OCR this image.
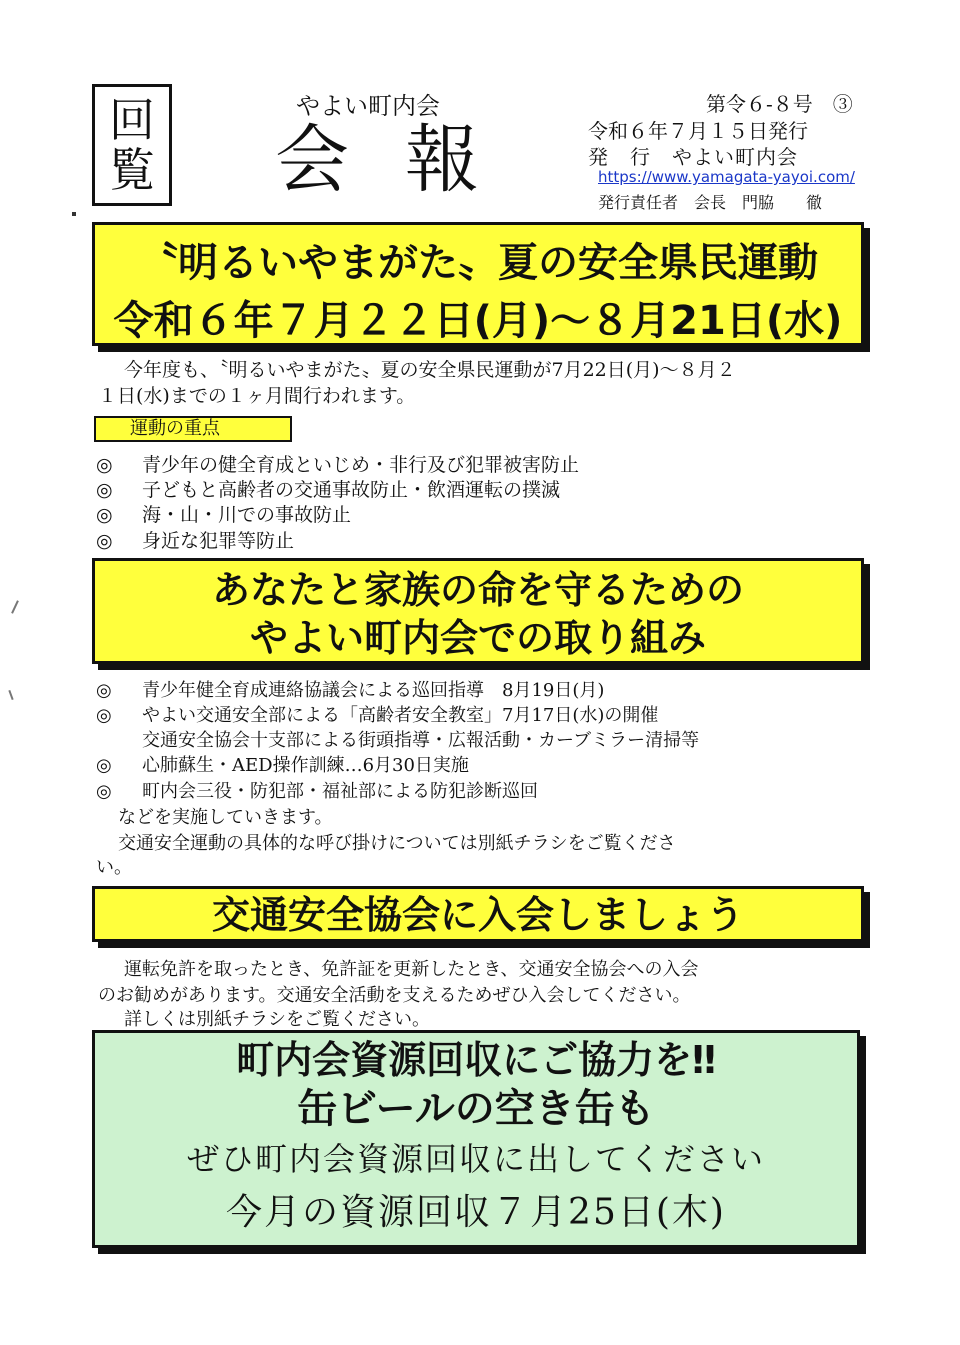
回
覧
やよい町内会
会報
第令６-８号　③
令和６年７月１５日発行
発　行　やよい町内会
https://www.yamagata-yayoi.com/
発行責任者　会長　門脇　　徹
〝明るいやまがた〟夏の安全県民運動
令和６年７月２２日(月)～８月21日(水)
今年度も、〝明るいやまがた〟夏の安全県民運動が7月22日(月)～８月２
１日(水)までの１ヶ月間行われます。
運動の重点
◎ 青少年の健全育成といじめ・非行及び犯罪被害防止
◎ 子どもと高齢者の交通事故防止・飲酒運転の撲滅
◎ 海・山・川での事故防止
◎ 身近な犯罪等防止
あなたと家族の命を守るための
やよい町内会での取り組み
◎ 青少年健全育成連絡協議会による巡回指導　8月19日(月)
◎ やよい交通安全部による「高齢者安全教室」7月17日(水)の開催
交通安全協会十支部による街頭指導・広報活動・カーブミラー清掃等
◎ 心肺蘇生・AED操作訓練…6月30日実施
◎ 町内会三役・防犯部・福祉部による防犯診断巡回
などを実施していきます。
交通安全運動の具体的な呼び掛けについては別紙チラシをご覧くださ
い。
交通安全協会に入会しましょう
運転免許を取ったとき、免許証を更新したとき、交通安全協会への入会
のお勧めがあります。交通安全活動を支えるためぜひ入会してください。
詳しくは別紙チラシをご覧ください。
町内会資源回収にご協力を‼
缶ビールの空き缶も
ぜひ町内会資源回収に出してください
今月の資源回収７月25日(木)
